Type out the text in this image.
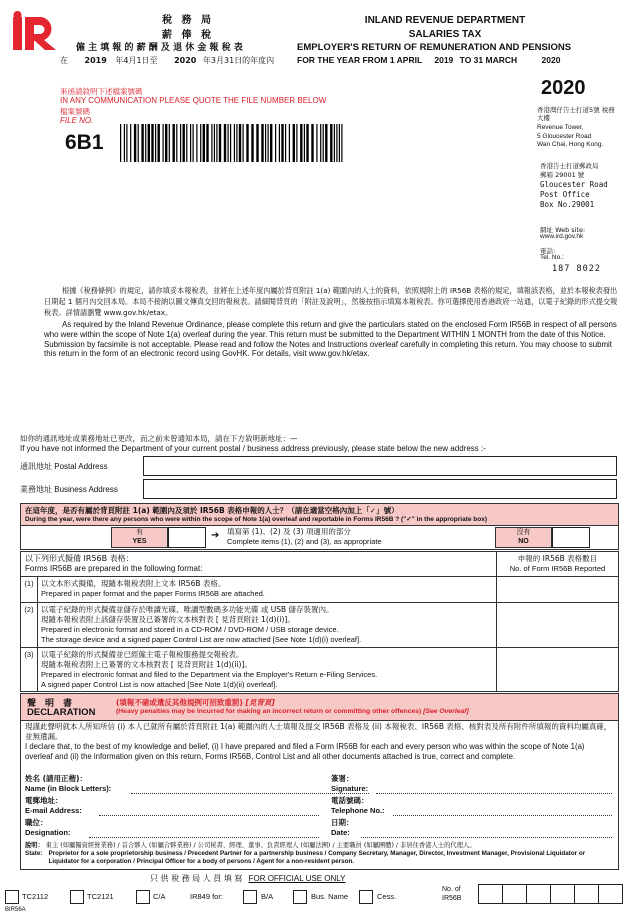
稅 務 局
薪 俸 稅
僱 主 填 報 的 薪 酬 及 退 休 金 報 稅 表
在 2019 年4月1日至 2020 年3月31日的年度內
INLAND REVENUE DEPARTMENT
SALARIES TAX
EMPLOYER'S RETURN OF REMUNERATION AND PENSIONS
FOR THE YEAR FROM 1 APRIL 2019 TO 31 MARCH	2020
來函請敘明下述檔案號碼
IN ANY COMMUNICATION PLEASE QUOTE THE FILE NUMBER BELOW
檔案號碼
FILE NO.
6B1
2020
香港灣仔告士打道5號 稅務大樓
Revenue Tower,
5 Gloucester Road
Wan Chai, Hong Kong.
香港告士打道郵政局
郵箱 29001 號
Gloucester Road
Post Office
Box No.29001
網址 Web site:
www.ird.gov.hk
電話:
Tel. No.:
187 8022
根據《稅務條例》的規定，請你填妥本報稅表，並將在上述年度內屬於背頁附註 1(a) 範圍內的人士的資料，依照規附上的 IR56B 表格的規定，填報該表格，並於本報稅表發出日期起 1 個月內交回本局。本局不接納以圖文傳真交回的報稅表。請細閱背頁的「附註及說明」，然後按指示填寫本報稅表。你可選擇使用香港政府一站通，以電子紀錄的形式提交報稅表。詳情請瀏覽 www.gov.hk/etax。
As required by the Inland Revenue Ordinance, please complete this return and give the particulars stated on the enclosed Form IR56B in respect of all persons who were within the scope of Note 1(a) overleaf during the year. This return must be submitted to the Department WITHIN 1 MONTH from the date of this Notice. Submission by facsimile is not acceptable. Please read and follow the Notes and Instructions overleaf carefully in completing this return. You may choose to submit this return in the form of an electronic record using GovHK. For details, visit www.gov.hk/etax.
如你的通訊地址或業務地址已更改，而之前未曾通知本局，請在下方敘明新地址：—
If you have not informed the Department of your current postal / business address previously, please state below the new address :-
通訊地址 Postal Address
業務地址 Business Address
在這年度，是否有屬於背頁附註 1(a) 範圍內及須於 IR56B 表格申報的人士？（請在適當空格內加上「✓」號）
During the year, were there any persons who were within the scope of Note 1(a) overleaf and reportable in Forms IR56B ? ("✓" in the appropriate box)
有
YES
➔ 填寫第 (1)、(2) 及 (3) 項適用的部分
Complete items (1), (2) and (3), as appropriate
沒有
NO
以下列形式擬備 IR56B 表格：
Forms IR56B are prepared in the following format:
申報的 IR56B 表格數目
No. of Form IR56B Reported
(1) 以文本形式擬備，現隨本報稅表附上文本 IR56B 表格。
Prepared in paper format and the paper Forms IR56B are attached.
(2) 以電子紀錄的形式擬備並儲存於唯讀光碟、唯讀型數碼多功能光碟 或 USB 儲存裝置內。
現隨本報稅表附上該儲存裝置及已簽署的文本核對表 [ 見背頁附註 1(d)(i)]。
Prepared in electronic format and stored in a CD-ROM / DVD-ROM / USB storage device.
The storage device and a signed paper Control List are now attached [See Note 1(d)(i) overleaf].
(3) 以電子紀錄的形式擬備並已經僱主電子報稅服務提交報稅表。
現隨本報稅表附上已簽署的文本核對表 [ 見背頁附註 1(d)(ii)]。
Prepared in electronic format and filed to the Department via the Employer's Return e-Filing Services.
A signed paper Control List is now attached [See Note 1(d)(ii) overleaf].
聲　明　書
DECLARATION
(填報不確或遺反其他規例可招致重罰) [見背頁]
(Heavy penalties may be incurred for making an incorrect return or committing other offences) [See Overleaf]
現謹此聲明就本人所知所信 (i) 本人已就所有屬於背頁附註 1(a) 範圍內的人士填報及提交 IR56B 表格及 (ii) 本報稅表、IR56B 表格、核對表及所有附件所填報的資料均屬真確，並無遺漏。
I declare that, to the best of my knowledge and belief, (i) I have prepared and filed a Form IR56B for each and every person who was within the scope of Note 1(a) overleaf and (ii) the information given on this return, Forms IR56B, Control List and all other documents attached is true, correct and complete.
姓名 (請用正楷)：
Name (in Block Letters):
簽署：
Signature:
電郵地址：
E-mail Address:
電話號碼：
Telephone No.:
職位：
Designation:
日期：
Date:
說明： 東主 (如屬獨資經營業務) / 首合夥人 (如屬合夥業務) / 公司秘書、經理、董事、負責經理人 (如屬法團) / 主要職員 (如屬團體) / 非居住香港人士的代理人。
State: Proprietor for a sole proprietorship business / Precedent Partner for a partnership business / Company Secretary, Manager, Director, Investment Manager, Provisional Liquidator or Liquidator for a corporation / Principal Officer for a body of persons / Agent for a non-resident person.
只 供 稅 務 局 人 員 填 寫 FOR OFFICIAL USE ONLY
TC2112	TC2121	C/A	IR849 for:	B/A	Bus. Name	Cess.
No. of
IR56B
BIR56A
